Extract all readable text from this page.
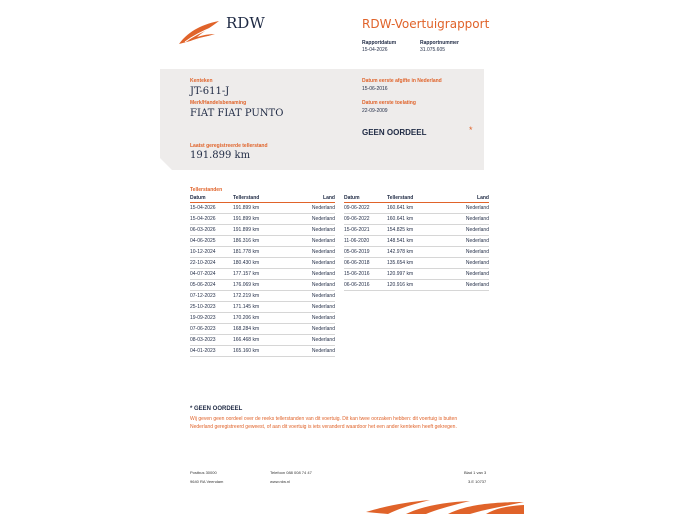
RDW	RDW-Voertuigrapport
Rapportdatum
15-04-2026
Rapportnummer
31.075.605
Kenteken
JT-611-J
Merk/Handelsbenaming
FIAT FIAT PUNTO
Datum eerste afgifte in Nederland
15-06-2016
Datum eerste toelating
22-09-2009
GEEN OORDEEL	*
Laatst geregistreerde tellerstand
191.899 km
Tellerstanden
Datum	Tellerstand	Land
15-04-2026	191.899 km	Nederland
15-04-2026	191.899 km	Nederland
06-03-2026	191.899 km	Nederland
04-06-2025	186.316 km	Nederland
10-12-2024	181.778 km	Nederland
22-10-2024	180.430 km	Nederland
04-07-2024	177.157 km	Nederland
05-06-2024	176.069 km	Nederland
07-12-2023	172.219 km	Nederland
25-10-2023	171.145 km	Nederland
19-09-2023	170.206 km	Nederland
07-06-2023	168.284 km	Nederland
08-03-2023	166.468 km	Nederland
04-01-2023	165.160 km	Nederland
Datum	Tellerstand	Land
09-06-2022	160.641 km	Nederland
09-06-2022	160.641 km	Nederland
15-06-2021	154.825 km	Nederland
11-06-2020	148.541 km	Nederland
05-06-2019	142.978 km	Nederland
06-06-2018	135.654 km	Nederland
15-06-2016	120.997 km	Nederland
06-06-2016	120.916 km	Nederland
* GEEN OORDEEL
Wij geven geen oordeel over de reeks tellerstanden van dit voertuig. Dit kan twee oorzaken hebben: dit voertuig is buiten Nederland geregistreerd geweest, of aan dit voertuig is iets veranderd waardoor het een ander kenteken heeft gekregen.
Postbus 30000
9640 RA Veendam
Telefoon 088 008 74 47
www.rdw.nl
Blad 1 van 3
3.E 10737
